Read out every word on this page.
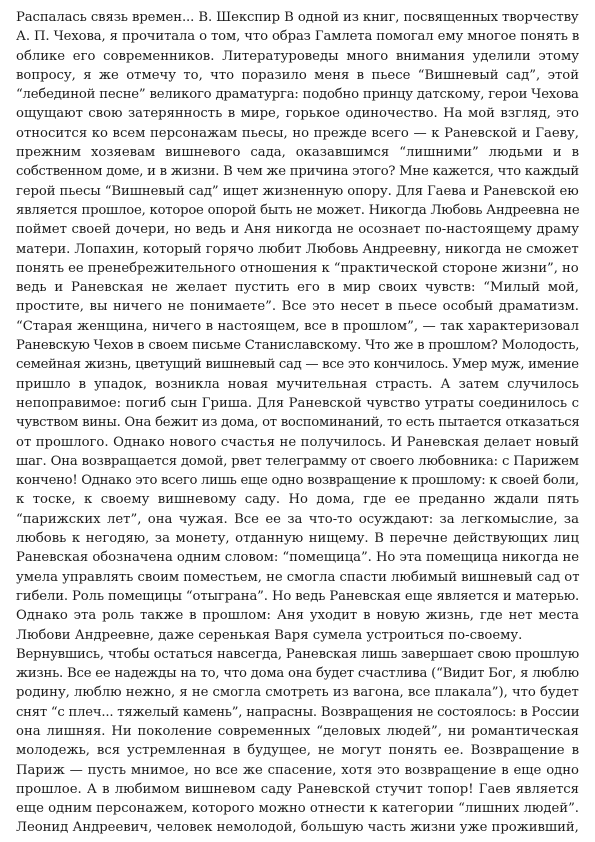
Распалась связь времен... В. Шекспир В одной из книг, посвященных творчеству
А. П. Чехова, я прочитала о том, что образ Гамлета помогал ему многое понять в
облике его современников. Литературоведы много внимания уделили этому
вопросу, я же отмечу то, что поразило меня в пьесе “Вишневый сад”, этой
“лебединой песне” великого драматурга: подобно принцу датскому, герои Чехова
ощущают свою затерянность в мире, горькое одиночество. На мой взгляд, это
относится ко всем персонажам пьесы, но прежде всего — к Раневской и Гаеву,
прежним хозяевам вишневого сада, оказавшимся “лишними” людьми и в
собственном доме, и в жизни. В чем же причина этого? Мне кажется, что каждый
герой пьесы “Вишневый сад” ищет жизненную опору. Для Гаева и Раневской ею
является прошлое, которое опорой быть не может. Никогда Любовь Андреевна не
поймет своей дочери, но ведь и Аня никогда не осознает по-настоящему драму
матери. Лопахин, который горячо любит Любовь Андреевну, никогда не сможет
понять ее пренебрежительного отношения к “практической стороне жизни”, но
ведь и Раневская не желает пустить его в мир своих чувств: “Милый мой,
простите, вы ничего не понимаете”. Все это несет в пьесе особый драматизм.
“Старая женщина, ничего в настоящем, все в прошлом”, — так характеризовал
Раневскую Чехов в своем письме Станиславскому. Что же в прошлом? Молодость,
семейная жизнь, цветущий вишневый сад — все это кончилось. Умер муж, имение
пришло в упадок, возникла новая мучительная страсть. А затем случилось
непоправимое: погиб сын Гриша. Для Раневской чувство утраты соединилось с
чувством вины. Она бежит из дома, от воспоминаний, то есть пытается отказаться
от прошлого. Однако нового счастья не получилось. И Раневская делает новый
шаг. Она возвращается домой, рвет телеграмму от своего любовника: с Парижем
кончено! Однако это всего лишь еще одно возвращение к прошлому: к своей боли,
к тоске, к своему вишневому саду. Но дома, где ее преданно ждали пять
“парижских лет”, она чужая. Все ее за что-то осуждают: за легкомыслие, за
любовь к негодяю, за монету, отданную нищему. В перечне действующих лиц
Раневская обозначена одним словом: “помещица”. Но эта помещица никогда не
умела управлять своим поместьем, не смогла спасти любимый вишневый сад от
гибели. Роль помещицы “отыграна”. Но ведь Раневская еще является и матерью.
Однако эта роль также в прошлом: Аня уходит в новую жизнь, где нет места
Любови Андреевне, даже серенькая Варя сумела устроиться по-своему.
Вернувшись, чтобы остаться навсегда, Раневская лишь завершает свою прошлую
жизнь. Все ее надежды на то, что дома она будет счастлива (“Видит Бог, я люблю
родину, люблю нежно, я не смогла смотреть из вагона, все плакала”), что будет
снят “с плеч... тяжелый камень”, напрасны. Возвращения не состоялось: в России
она лишняя. Ни поколение современных “деловых людей”, ни романтическая
молодежь, вся устремленная в будущее, не могут понять ее. Возвращение в
Париж — пусть мнимое, но все же спасение, хотя это возвращение в еще одно
прошлое. А в любимом вишневом саду Раневской стучит топор! Гаев является
еще одним персонажем, которого можно отнести к категории “лишних людей”.
Леонид Андреевич, человек немолодой, большую часть жизни уже проживший,
